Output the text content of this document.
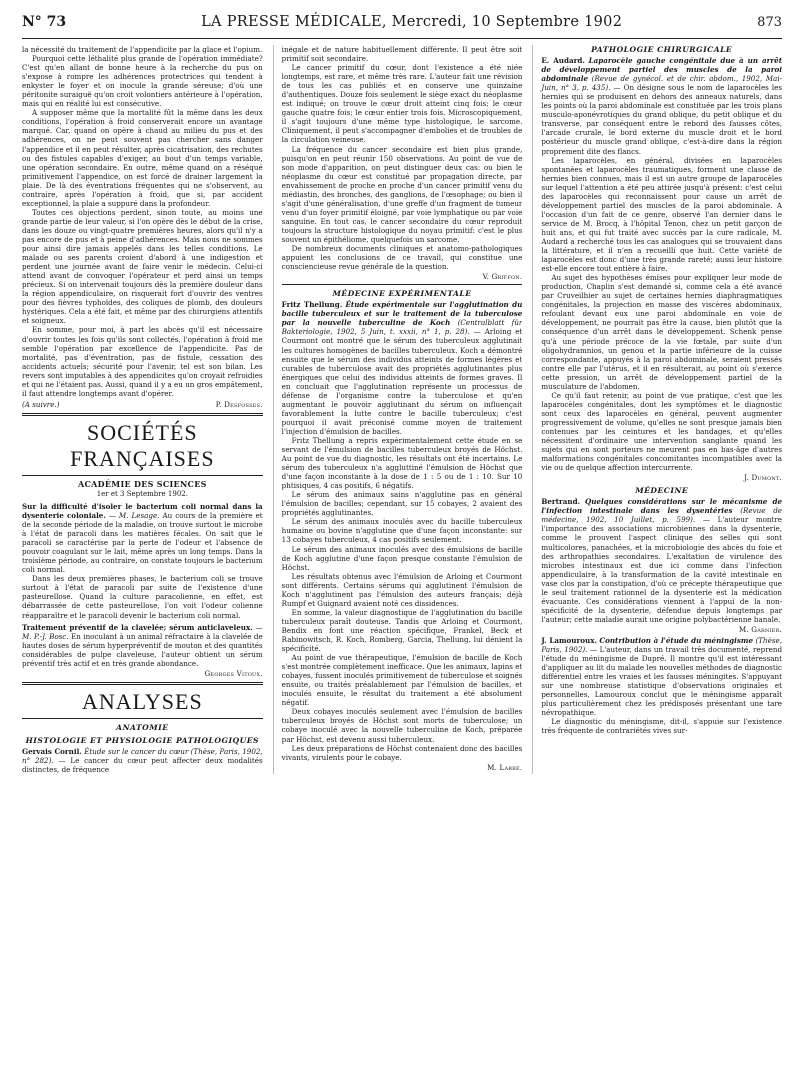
N° 73	LA PRESSE MÉDICALE, Mercredi, 10 Septembre 1902	873

la nécessité du traitement de l'appendicite par la glace et l'opium.

Pourquoi cette léthalité plus grande de l'opération immédiate? C'est qu'en allant de bonne heure à la recherche du pus on s'expose à rompre les adhérences protectrices qui tendent à enkyster le foyer et on inocule la grande séreuse; d'où une péritonite suraiguë qu'on croit volontiers antérieure à l'opération, mais qui en réalité lui est consécutive.

A supposer même que la mortalité fût la même dans les deux conditions, l'opération à froid conserverait encore un avantage marqué. Car, quand on opère à chaud au milieu du pus et des adhérences, on ne peut souvent pas chercher sans danger l'appendice et il en peut résulter, après cicatrisation, des rechutes ou des fistules capables d'exiger, au bout d'un temps variable, une opération secondaire. En outre, même quand on a réséqué primitivement l'appendice, on est forcé de drainer largement la plaie. De là des éventrations fréquentes qui ne s'observent, au contraire, après l'opération à froid, que si, par accident exceptionnel, la plaie a suppuré dans la profondeur.

Toutes ces objections perdent, sinon toute, au moins une grande partie de leur valeur, si l'on opère dès le début de la crise, dans les douze ou vingt-quatre premières heures, alors qu'il n'y a pas encore de pus et à peine d'adhérences. Mais nous ne sommes pour ainsi dire jamais appelés dans les telles conditions. Le malade ou ses parents croient d'abord à une indigestion et perdent une journée avant de faire venir le médecin. Celui-ci attend avant de convoquer l'opérateur et perd ainsi un temps précieux. Si on intervenait toujours dès la première douleur dans la région appendiculaire, on risquerait fort d'ouvrir des ventres pour des fièvres typhoïdes, des coliques de plomb, des douleurs hystériques. Cela a été fait, et même par des chirurgiens attentifs et soigneux.

En somme, pour moi, à part les abcès qu'il est nécessaire d'ouvrir toutes les fois qu'ils sont collectés, l'opération à froid me semble l'opération par excellence de l'appendicite. Pas de mortalité, pas d'éventration, pas de fistule, cessation des accidents actuels; sécurité pour l'avenir, tel est son bilan. Les revers sont imputables à des appendicites qu'on croyait refroidies et qui ne l'étaient pas. Aussi, quand il y a eu un gros empâtement, il faut attendre longtemps avant d'opérer.

(A suivre.)	P. Desfosses.
SOCIÉTÉS FRANÇAISES
ACADÉMIE DES SCIENCES
1er et 3 Septembre 1902.

Sur la difficulté d'isoler le bacterium coli normal dans la dysenterie coloniale. — M. Lesage. Au cours de la première et de la seconde période de la maladie, on trouve surtout le microbe à l'état de paracoli dans les matières fécales. On sait que le paracoli se caractérise par la perte de l'odeur et l'absence de pouvoir coagulant sur le lait, même après un long temps. Dans la troisième période, au contraire, on constate toujours le bacterium coli normal.

Dans les deux premières phases, le bacterium coli se trouve surtout à l'état de paracoli par suite de l'existence d'une pasteurellose. Quand la culture paracolienne, en effet, est débarrassée de cette pasteurellose, l'on voit l'odeur colienne réapparaître et le paracoli devenir le bacterium coli normal.

Traitement préventif de la clavelée; sérum anticlaveleux. — M. P.-J. Bosc. En inoculant à un animal réfractaire à la clavelée de hautes doses de sérum hyperpréventif de mouton et des quantités considérables de pulpe claveleuse, l'auteur obtient un sérum préventif très actif et en très grande abondance.

Georges Vitoux.
ANALYSES
ANATOMIE
HISTOLOGIE ET PHYSIOLOGIE PATHOLOGIQUES

Gervais Cornil. Étude sur le cancer du cœur (Thèse, Paris, 1902, n° 282). — Le cancer du cœur peut affecter deux modalités distinctes, de fréquence

inégale et de nature habituellement différente. Il peut être soit primitif soit secondaire.

Le cancer primitif du cœur, dont l'existence a été niée longtemps, est rare, et même très rare. L'auteur fait une révision de tous les cas publiés et en conserve une quinzaine d'authentiques. Douze fois seulement le siège exact du néoplasme est indiqué; on trouve le cœur droit atteint cinq fois; le cœur gauche quatre fois; le cœur entier trois fois. Microscopiquement, il s'agit toujours d'une même type histologique, le sarcome. Cliniquement, il peut s'accompagner d'embolies et de troubles de la circulation veineuse.

La fréquence du cancer secondaire est bien plus grande, puisqu'on en peut réunir 150 observations. Au point de vue de son mode d'apparition, on peut distinguer deux cas: ou bien le néoplasme du cœur est constitué par propagation directe, par envahissement de proche en proche d'un cancer primitif venu du médiastin, des bronches, des ganglions, de l'œsophage; ou bien il s'agit d'une généralisation, d'une greffe d'un fragment de tumeur venu d'un foyer primitif éloigné, par voie lymphatique ou par voie sanguine. En tout cas, le cancer secondaire du cœur reproduit toujours la structure histologique du noyau primitif: c'est le plus souvent un épithéliome, quelquefois un sarcome.

De nombreux documents cliniques et anatomo-pathologiques appuient les conclusions de ce travail, qui constitue une consciencieuse revue générale de la question.

V. Griffon.
MÉDECINE EXPÉRIMENTALE

Fritz Thellung. Étude expérimentale sur l'agglutination du bacille tuberculeux et sur le traitement de la tuberculose par la nouvelle tuberculine de Koch (Centralblatt für Bakteriologie, 1902, 5 Juin, t. xxxii, n° 1, p. 28). — Arloing et Courmont ont montré que le sérum des tuberculeux agglutinait les cultures homogènes de bacilles tuberculeux. Koch a démontré ensuite que le sérum des individus atteints de formes légères et curables de tuberculose avait des propriétés agglutinantes plus énergiques que celui des individus atteints de formes graves. Il en concluait que l'agglutination représente un processus de défense de l'organisme contre la tuberculose et qu'en augmentant le pouvoir agglutinant du sérum on influençait favorablement la lutte contre le bacille tuberculeux; c'est pourquoi il avait préconisé comme moyen de traitement l'injection d'émulsion de bacilles.

Fritz Thellung a repris expérimentalement cette étude en se servant de l'émulsion de bacilles tuberculeux broyés de Höchst. Au point de vue du diagnostic, les résultats ont été incertains. Le sérum des tuberculeux n'a aggluttiné l'émulsion de Höchst que d'une façon inconstante à la dose de 1 : 5 ou de 1 : 10. Sur 10 phtisiques, 4 cas positifs, 6 négatifs.

Le sérum des animaux sains n'agglutine pas en général l'émulsion de bacilles; cependant, sur 15 cobayes, 2 avaient des propriétés agglutinantes.

Le sérum des animaux inoculés avec du bacille tuberculeux humaine ou bovine n'agglutine que d'une façon inconstante: sur 13 cobayes tuberculeux, 4 cas positifs seulement.

Le sérum des animaux inoculés avec des émulsions de bacille de Koch agglutine d'une façon presque constante l'émulsion de Höchst.

Les résultats obtenus avec l'émulsion de Arloing et Courmont sont différents. Certains sérums qui agglutinent l'émulsion de Koch n'agglutinent pas l'émulsion des auteurs français; déjà Rumpf et Guignard avaient noté ces dissidences.

En somme, la valeur diagnostique de l'agglutination du bacille tuberculeux paraît douteuse. Tandis que Arloing et Courmont, Bendix en font une réaction spécifique, Frankel, Beck et Rabinowitsch, R. Koch, Romberg, Garcia, Thellung, lui dénient la spécificité.

Au point de vue thérapeutique, l'émulsion de bacille de Koch s'est montrée complètement inefficace. Que les animaux, lapins et cobayes, fussent inoculés primitivement de tuberculose et soignés ensuite, ou traités préalablement par l'émulsion de bacilles, et inoculés ensuite, le résultat du traitement a été absolument négatif.

Deux cobayes inoculés seulement avec l'émulsion de bacilles tuberculeux broyés de Höchst sont morts de tuberculose; un cobaye inoculé avec la nouvelle tuberculine de Koch, préparée par Höchst, est devenu aussi tuberculeux.

Les deux préparations de Höchst contenaient donc des bacilles vivants, virulents pour le cobaye.

M. Labbé.
PATHOLOGIE CHIRURGICALE

E. Audard. Laparocèle gauche congénitale due à un arrêt de développement partiel des muscles de la paroi abdominale (Revue de gynécol. et de chir. abdom., 1902, Mai-Juin, n° 3, p. 435). — On désigne sous le nom de laparocèles les hernies qui se produisent en dehors des anneaux naturels, dans les points où la paroi abdominale est constituée par les trois plans musculo-aponévrotiques du grand oblique, du petit oblique et du transverse, par conséquent entre le rebord des fausses côtes, l'arcade crurale, le bord externe du muscle droit et le bord postérieur du muscle grand oblique, c'est-à-dire dans la région proprement dite des flancs.

Les laparocèles, en général, divisées en laparocèles spontanées et laparocèles traumatiques, forment une classe de hernies bien connues, mais il est un autre groupe de laparocèles sur lequel l'attention a été peu attirée jusqu'à présent: c'est celui des laparocèles qui reconnaissent pour cause un arrêt de développement partiel des muscles de la paroi abdominale. A l'occasion d'un fait de ce genre, observé l'an dernier dans le service de M. Brocq, à l'hôpital Tenon, chez un petit garçon de huit ans, et qui fut traité avec succès par la cure radicale, M. Audard a recherché tous les cas analogues qui se trouvaient dans la littérature, et il n'en a recueilli que huit. Cette variété de laparocèles est donc d'une très grande rareté; aussi leur histoire est-elle encore tout entière à faire.

Au sujet des hypothèses émises pour expliquer leur mode de production, Chaplin s'est demandé si, comme cela a été avancé par Cruveilhier au sujet de certaines hernies diaphragmatiques congénitales, la projection en masse des viscères abdominaux, refoulant devant eux une paroi abdominale en voie de développement, ne pourrait pas être la cause, bien plutôt que la conséquence d'un arrêt dans le développement. Schenk pense qu'à une période précoce de la vie fœtale, par suite d'un oligohydramnios, un genou et la partie inférieure de la cuisse correspondante, appuyés à la paroi abdominale, seraient pressés contre elle par l'utérus, et il en résulterait, au point où s'exerce cette pression, un arrêt de développement partiel de la musculature de l'abdomen.

Ce qu'il faut retenir, au point de vue pratique, c'est que les laparocèles congénitales, dont les symptômes et le diagnostic sont ceux des laparocèles en général, peuvent augmenter progressivement de volume, qu'elles ne sont presque jamais bien contenues par les ceintures et les bandages, et qu'elles nécessitent d'ordinaire une intervention sanglante quand les sujets qui en sont porteurs ne meurent pas en bas-âge d'autres malformations congénitales concomitantes incompatibles avec la vie ou de quelque affection intercurrente.

J. Dumont.
MÉDECINE

Bertrand. Quelques considérations sur le mécanisme de l'infection intestinale dans les dysentéries (Revue de médecine, 1902, 10 Juillet, p. 599). — L'auteur montre l'importance des associations microbiennes dans la dysenterie, comme le prouvent l'aspect clinique des selles qui sont multicolores, panachées, et la microbiologie des abcès du foie et des arthropathies secondaires. L'exaltation de virulence des microbes intestinaux est due ici comme dans l'infection appendiculaire, à la transformation de la cavité intestinale en vase clos par la constipation, d'où ce précepte thérapeutique que le seul traitement rationnel de la dysenterie est la médication évacuante. Ces considérations viennent à l'appui de la non-spécificité de la dysenterie, défendue depuis longtemps par l'auteur; cette maladie aurait une origine polybactérienne banale.

M. Garnier.

J. Lamouroux. Contribution à l'étude du méningisme (Thèse, Paris, 1902). — L'auteur, dans un travail très documenté, reprend l'étude du méningisme de Dupré. Il montre qu'il est intéressant d'appliquer au lit du malade les nouvelles méthodes de diagnostic différentiel entre les vraies et les fausses méningites. S'appuyant sur une nombreuse statistique d'observations originales et personnelles, Lamouroux conclut que le méningisme apparaît plus particulièrement chez les prédisposés présentant une tare névropathique.

Le diagnostic du méningisme, dit-il, s'appuie sur l'existence très fréquente de contrariétés vives sur-
